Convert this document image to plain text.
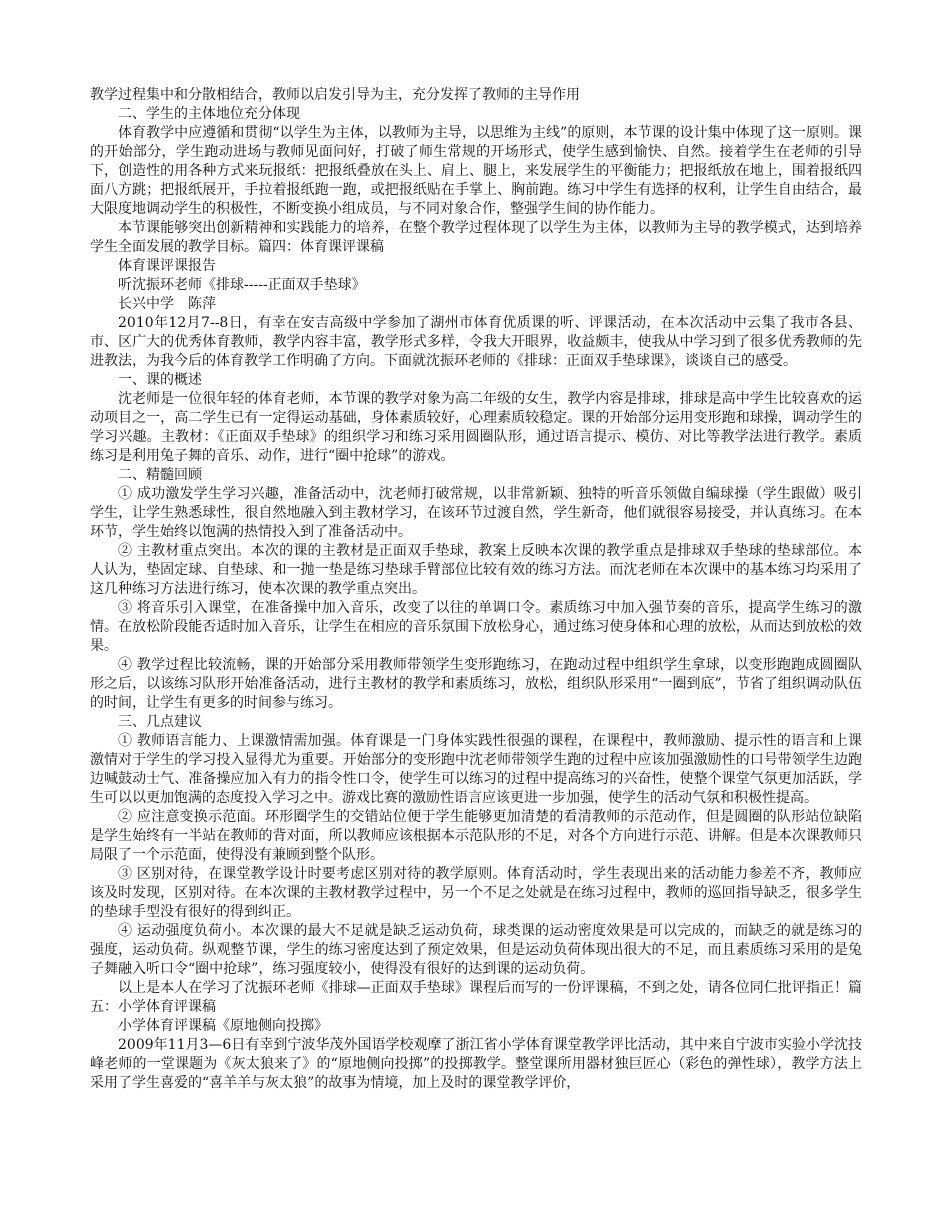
教学过程集中和分散相结合，教师以启发引导为主，充分发挥了教师的主导作用

二、学生的主体地位充分体现

体育教学中应遵循和贯彻“以学生为主体，以教师为主导，以思维为主线”的原则，本节课的设计集中体现了这一原则。课的开始部分，学生跑动进场与教师见面问好，打破了师生常规的开场形式，使学生感到愉快、自然。接着学生在老师的引导下，创造性的用各种方式来玩报纸：把报纸叠放在头上、肩上、腿上，来发展学生的平衡能力；把报纸放在地上，围着报纸四面八方跳；把报纸展开，手拉着报纸跑一跑，或把报纸贴在手掌上、胸前跑。练习中学生有选择的权利，让学生自由结合，最大限度地调动学生的积极性，不断变换小组成员，与不同对象合作，整强学生间的协作能力。

本节课能够突出创新精神和实践能力的培养，在整个教学过程体现了以学生为主体，以教师为主导的教学模式，达到培养学生全面发展的教学目标。篇四：体育课评课稿

体育课评课报告

听沈振环老师《排球-----正面双手垫球》

长兴中学　陈萍

2010年12月7--8日，有幸在安吉高级中学参加了湖州市体育优质课的听、评课活动，在本次活动中云集了我市各县、市、区广大的优秀体育教师，教学内容丰富，教学形式多样，令我大开眼界，收益颇丰，使我从中学习到了很多优秀教师的先进教法，为我今后的体育教学工作明确了方向。下面就沈振环老师的《排球：正面双手垫球课》，谈谈自己的感受。

一、课的概述

沈老师是一位很年轻的体育老师，本节课的教学对象为高二年级的女生，教学内容是排球，排球是高中学生比较喜欢的运动项目之一，高二学生已有一定得运动基础，身体素质较好，心理素质较稳定。课的开始部分运用变形跑和球操，调动学生的学习兴趣。主教材：《正面双手垫球》的组织学习和练习采用圆圈队形，通过语言提示、模仿、对比等教学法进行教学。素质练习是利用兔子舞的音乐、动作，进行“圈中抢球”的游戏。

二、精髓回顾

① 成功激发学生学习兴趣，准备活动中，沈老师打破常规，以非常新颖、独特的听音乐领做自编球操（学生跟做）吸引学生，让学生熟悉球性，很自然地融入到主教材学习，在该环节过渡自然，学生新奇，他们就很容易接受，并认真练习。在本环节，学生始终以饱满的热情投入到了准备活动中。

② 主教材重点突出。本次的课的主教材是正面双手垫球，教案上反映本次课的教学重点是排球双手垫球的垫球部位。本人认为，垫固定球、自垫球、和一抛一垫是练习垫球手臂部位比较有效的练习方法。而沈老师在本次课中的基本练习均采用了这几种练习方法进行练习，使本次课的教学重点突出。

③ 将音乐引入课堂，在准备操中加入音乐，改变了以往的单调口令。素质练习中加入强节奏的音乐，提高学生练习的激情。在放松阶段能否适时加入音乐，让学生在相应的音乐氛围下放松身心，通过练习使身体和心理的放松，从而达到放松的效果。

④ 教学过程比较流畅，课的开始部分采用教师带领学生变形跑练习，在跑动过程中组织学生拿球，以变形跑跑成圆圈队形之后，以该练习队形开始准备活动，进行主教材的教学和素质练习，放松，组织队形采用“一圈到底”，节省了组织调动队伍的时间，让学生有更多的时间参与练习。

三、几点建议

① 教师语言能力、上课激情需加强。体育课是一门身体实践性很强的课程，在课程中，教师激励、提示性的语言和上课激情对于学生的学习投入显得尤为重要。开始部分的变形跑中沈老师带领学生跑的过程中应该加强激励性的口号带领学生边跑边喊鼓动士气、准备操应加入有力的指令性口令，使学生可以练习的过程中提高练习的兴奋性，使整个课堂气氛更加活跃，学生可以以更加饱满的态度投入学习之中。游戏比赛的激励性语言应该更进一步加强，使学生的活动气氛和积极性提高。

② 应注意变换示范面。环形圈学生的交错站位便于学生能够更加清楚的看清教师的示范动作，但是圆圈的队形站位缺陷是学生始终有一半站在教师的背对面，所以教师应该根据本示范队形的不足，对各个方向进行示范、讲解。但是本次课教师只局限了一个示范面，使得没有兼顾到整个队形。

③ 区别对待，在课堂教学设计时要考虑区别对待的教学原则。体育活动时，学生表现出来的活动能力参差不齐，教师应该及时发现，区别对待。在本次课的主教材教学过程中，另一个不足之处就是在练习过程中，教师的巡回指导缺乏，很多学生的垫球手型没有很好的得到纠正。

④ 运动强度负荷小。本次课的最大不足就是缺乏运动负荷，球类课的运动密度效果是可以完成的，而缺乏的就是练习的强度，运动负荷。纵观整节课，学生的练习密度达到了预定效果，但是运动负荷体现出很大的不足，而且素质练习采用的是兔子舞融入听口令“圈中抢球”，练习强度较小，使得没有很好的达到课的运动负荷。

以上是本人在学习了沈振环老师《排球—正面双手垫球》课程后而写的一份评课稿，不到之处，请各位同仁批评指正！篇五：小学体育评课稿

小学体育评课稿《原地侧向投掷》

2009年11月3—6日有幸到宁波华茂外国语学校观摩了浙江省小学体育课堂教学评比活动，其中来自宁波市实验小学沈技峰老师的一堂课题为《灰太狼来了》的“原地侧向投掷”的投掷教学。整堂课所用器材独巨匠心（彩色的弹性球），教学方法上采用了学生喜爱的“喜羊羊与灰太狼”的故事为情境，加上及时的课堂教学评价，
